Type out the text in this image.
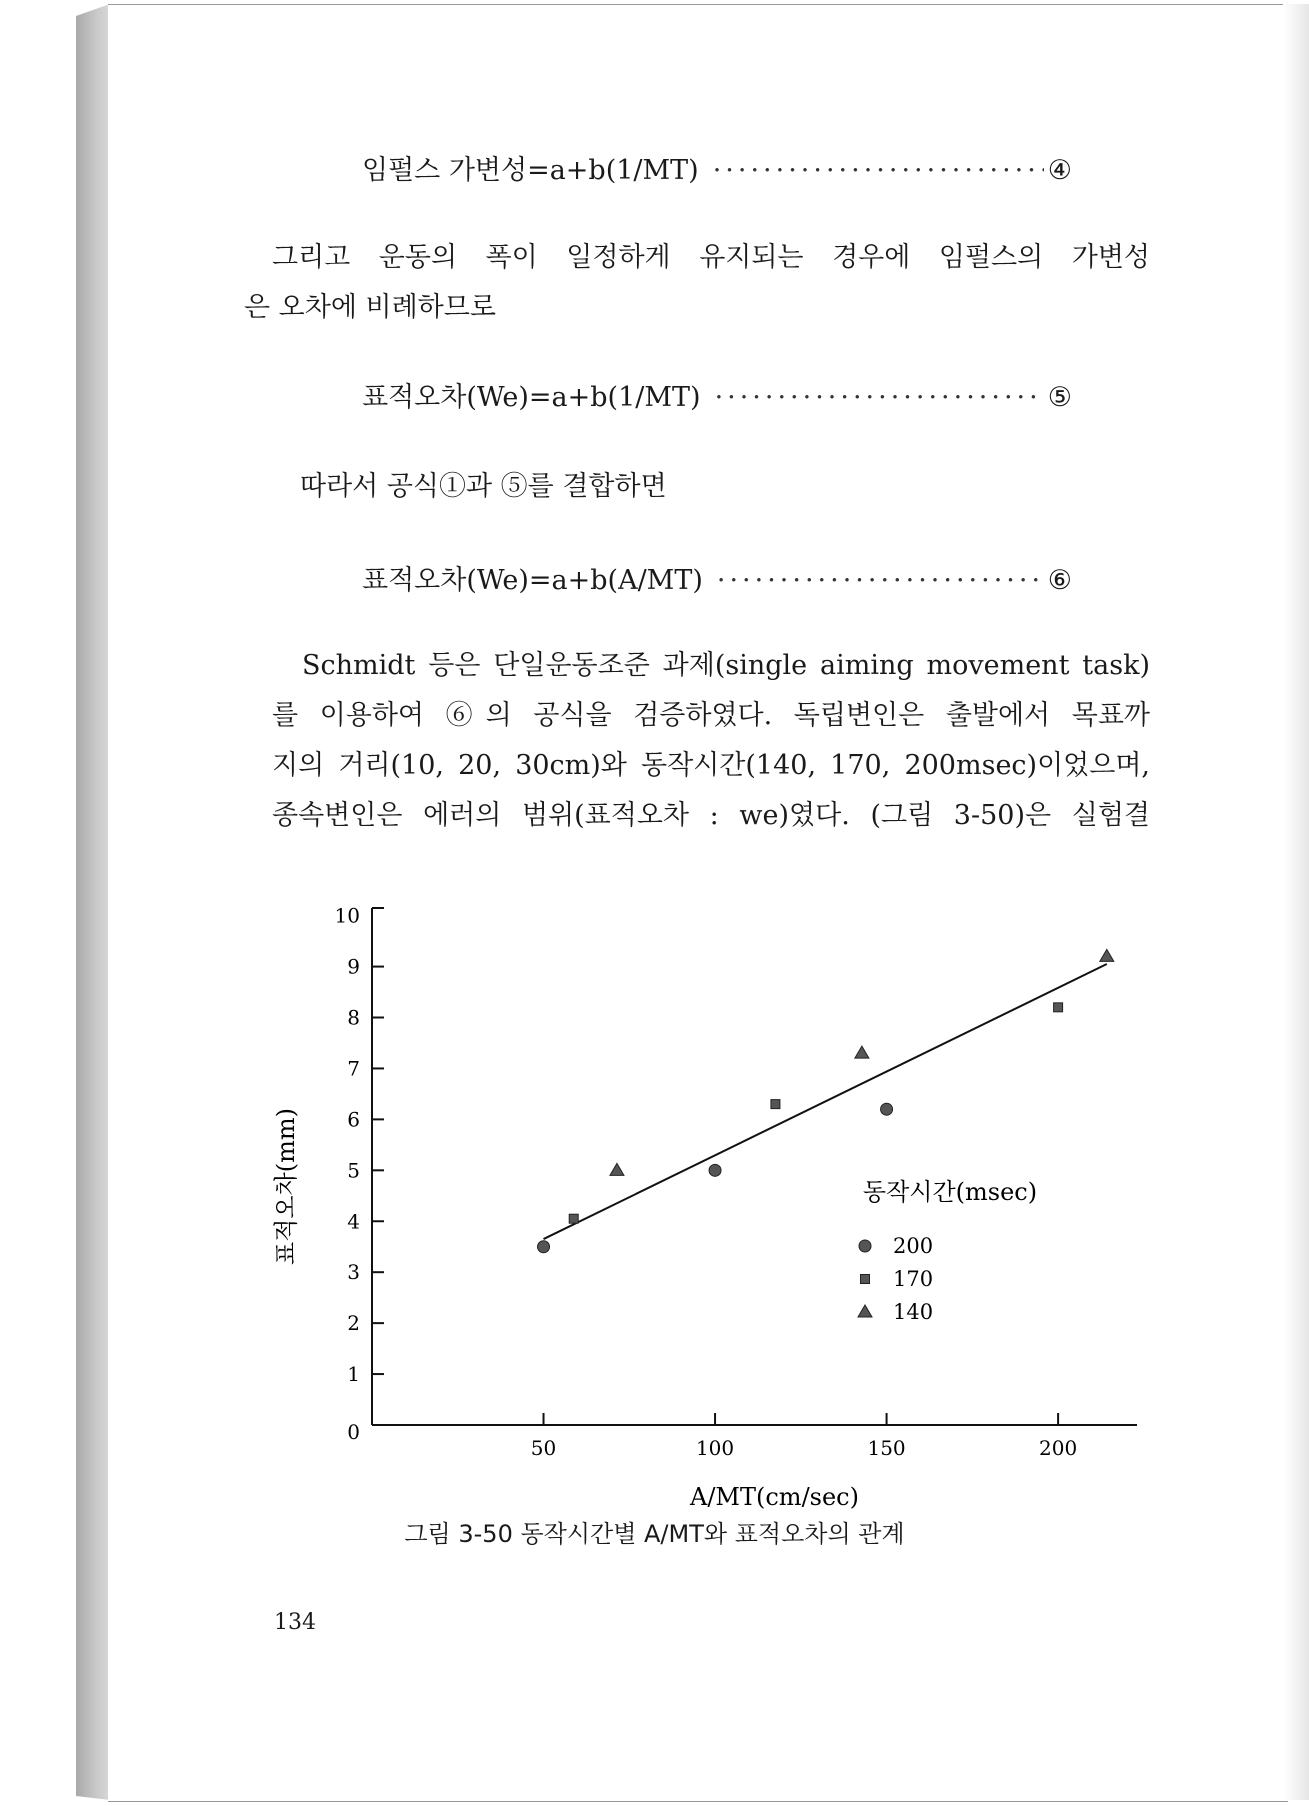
임펄스 가변성=a+b(1/MT) ·····	④
그리고 운동의 폭이 일정하게 유지되는 경우에 임펄스의 가변성
은 오차에 비례하므로
표적오차(We)=a+b(1/MT) ·····	⑤
따라서 공식①과 ⑤를 결합하면
표적오차(We)=a+b(A/MT) ·····	⑥
Schmidt 등은 단일운동조준 과제(single aiming movement task)
를 이용하여 ⑥의 공식을 검증하였다. 독립변인은 출발에서 목표까
지의 거리(10, 20, 30cm)와 동작시간(140, 170, 200msec)이었으며,
종속변인은 에러의 범위(표적오차 : we)였다. (그림 3-50)은 실험결
0
1
2
3
4
5
6
7
8
9
10
50	100	150	200
A/MT(cm/sec)
표적오차(mm)	동작시간(msec)
200
170
140
그림 3-50 동작시간별 A/MT와 표적오차의 관계
134
